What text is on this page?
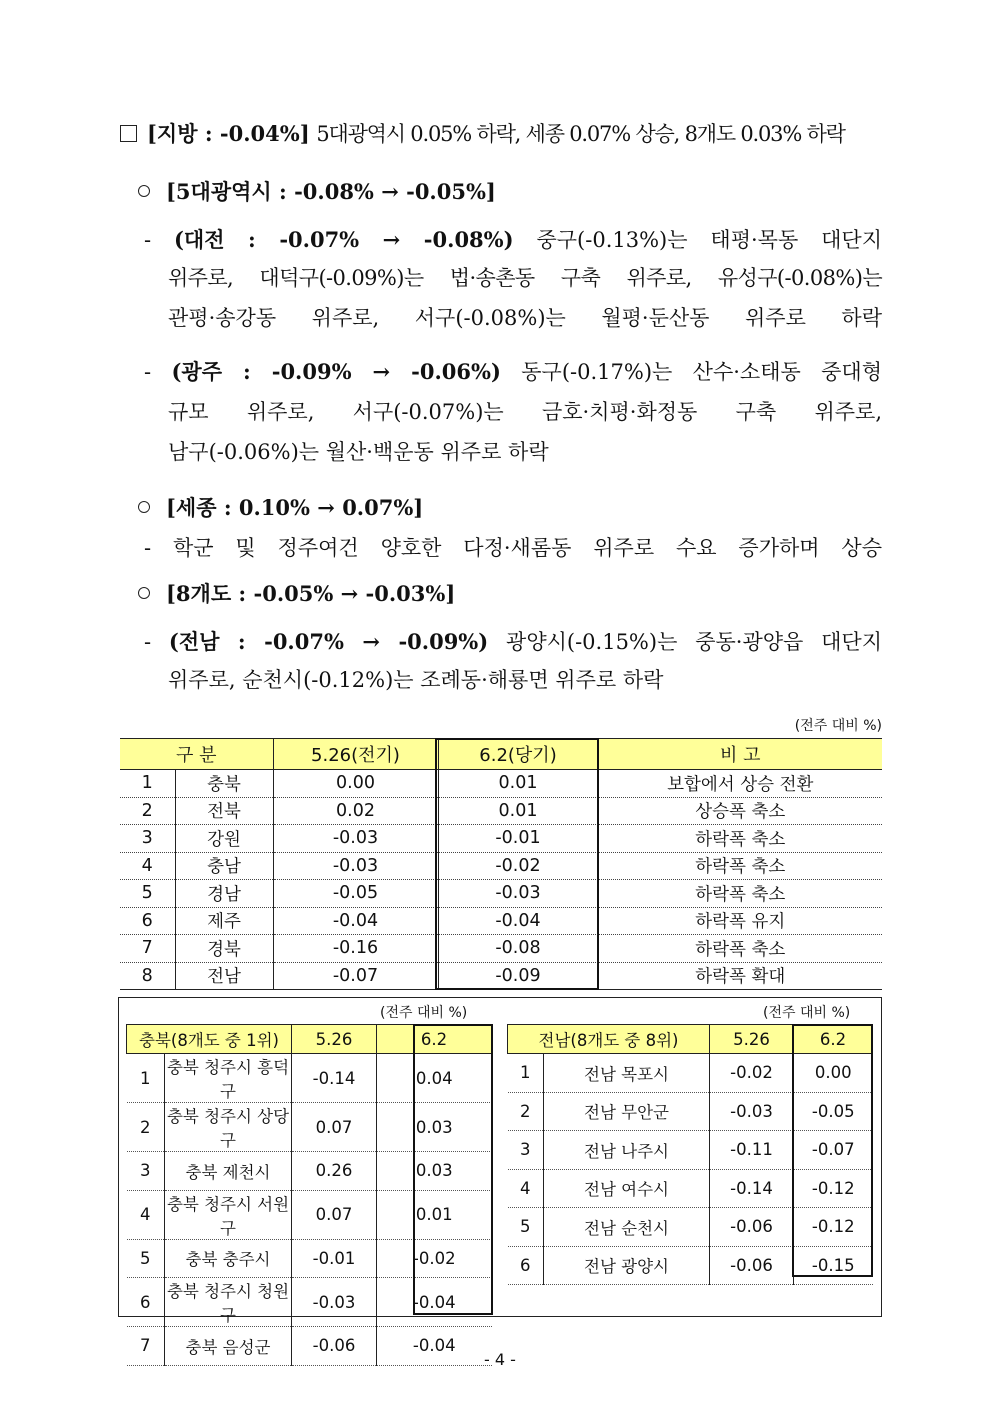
[지방 : -0.04%] 5대광역시 0.05% 하락, 세종 0.07% 상승, 8개도 0.03% 하락
[5대광역시 : -0.08% → -0.05%]
- (대전 : -0.07% → -0.08%) 중구(-0.13%)는 태평·목동 대단지
위주로, 대덕구(-0.09%)는 법·송촌동 구축 위주로, 유성구(-0.08%)는
관평·송강동 위주로, 서구(-0.08%)는 월평·둔산동 위주로 하락
- (광주 : -0.09% → -0.06%) 동구(-0.17%)는 산수·소태동 중대형
규모 위주로, 서구(-0.07%)는 금호·치평·화정동 구축 위주로,
남구(-0.06%)는 월산·백운동 위주로 하락
[세종 : 0.10% → 0.07%]
- 학군 및 정주여건 양호한 다정·새롬동 위주로 수요 증가하며 상승
[8개도 : -0.05% → -0.03%]
- (전남 : -0.07% → -0.09%) 광양시(-0.15%)는 중동·광양읍 대단지
위주로, 순천시(-0.12%)는 조례동·해룡면 위주로 하락
(전주 대비 %)
구 분		5.26(전기)	6.2(당기)	비 고
1	충북	0.00	0.01	보합에서 상승 전환
2	전북	0.02	0.01	상승폭 축소
3	강원	-0.03	-0.01	하락폭 축소
4	충남	-0.03	-0.02	하락폭 축소
5	경남	-0.05	-0.03	하락폭 축소
6	제주	-0.04	-0.04	하락폭 유지
7	경북	-0.16	-0.08	하락폭 축소
8	전남	-0.07	-0.09	하락폭 확대
(전주 대비 %)	(전주 대비 %)
충북(8개도 중 1위)		5.26	6.2
1	충북 청주시 흥덕구	-0.14	0.04
2	충북 청주시 상당구	0.07	0.03
3	충북 제천시	0.26	0.03
4	충북 청주시 서원구	0.07	0.01
5	충북 충주시	-0.01	-0.02
6	충북 청주시 청원구	-0.03	-0.04
7	충북 음성군	-0.06	-0.04
전남(8개도 중 8위)		5.26	6.2
1	전남 목포시	-0.02	0.00
2	전남 무안군	-0.03	-0.05
3	전남 나주시	-0.11	-0.07
4	전남 여수시	-0.14	-0.12
5	전남 순천시	-0.06	-0.12
6	전남 광양시	-0.06	-0.15
- 4 -
